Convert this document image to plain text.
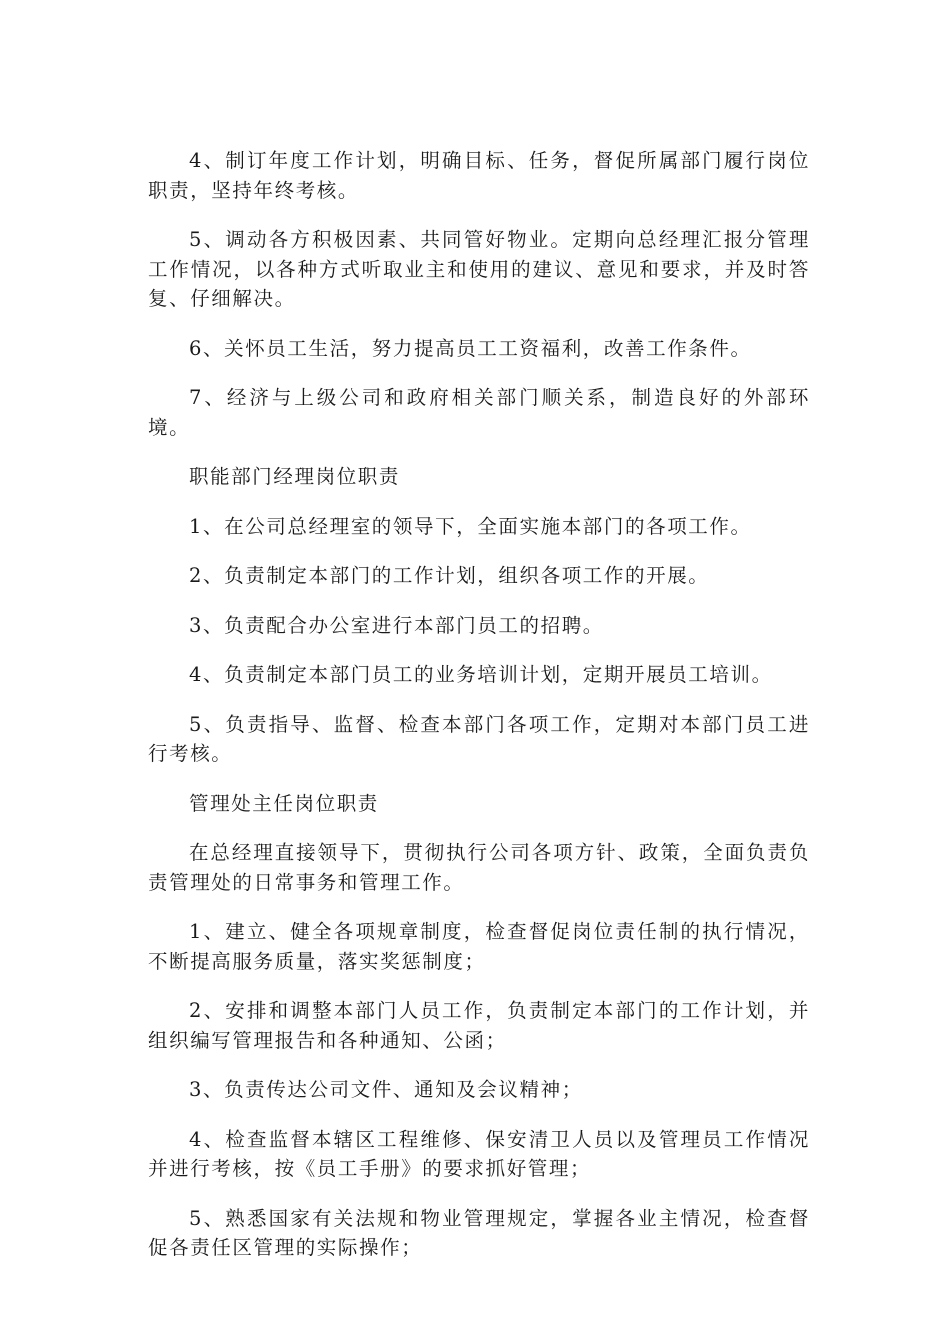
4、制订年度工作计划，明确目标、任务，督促所属部门履行岗位职责，坚持年终考核。

5、调动各方积极因素、共同管好物业。定期向总经理汇报分管理工作情况，以各种方式听取业主和使用的建议、意见和要求，并及时答复、仔细解决。

6、关怀员工生活，努力提高员工工资福利，改善工作条件。

7、经济与上级公司和政府相关部门顺关系，制造良好的外部环境。

职能部门经理岗位职责

1、在公司总经理室的领导下，全面实施本部门的各项工作。

2、负责制定本部门的工作计划，组织各项工作的开展。

3、负责配合办公室进行本部门员工的招聘。

4、负责制定本部门员工的业务培训计划，定期开展员工培训。

5、负责指导、监督、检查本部门各项工作，定期对本部门员工进行考核。

管理处主任岗位职责

在总经理直接领导下，贯彻执行公司各项方针、政策，全面负责负责管理处的日常事务和管理工作。

1、建立、健全各项规章制度，检查督促岗位责任制的执行情况，不断提高服务质量，落实奖惩制度；

2、安排和调整本部门人员工作，负责制定本部门的工作计划，并组织编写管理报告和各种通知、公函；

3、负责传达公司文件、通知及会议精神；

4、检查监督本辖区工程维修、保安清卫人员以及管理员工作情况并进行考核，按《员工手册》的要求抓好管理；

5、熟悉国家有关法规和物业管理规定，掌握各业主情况，检查督促各责任区管理的实际操作；
